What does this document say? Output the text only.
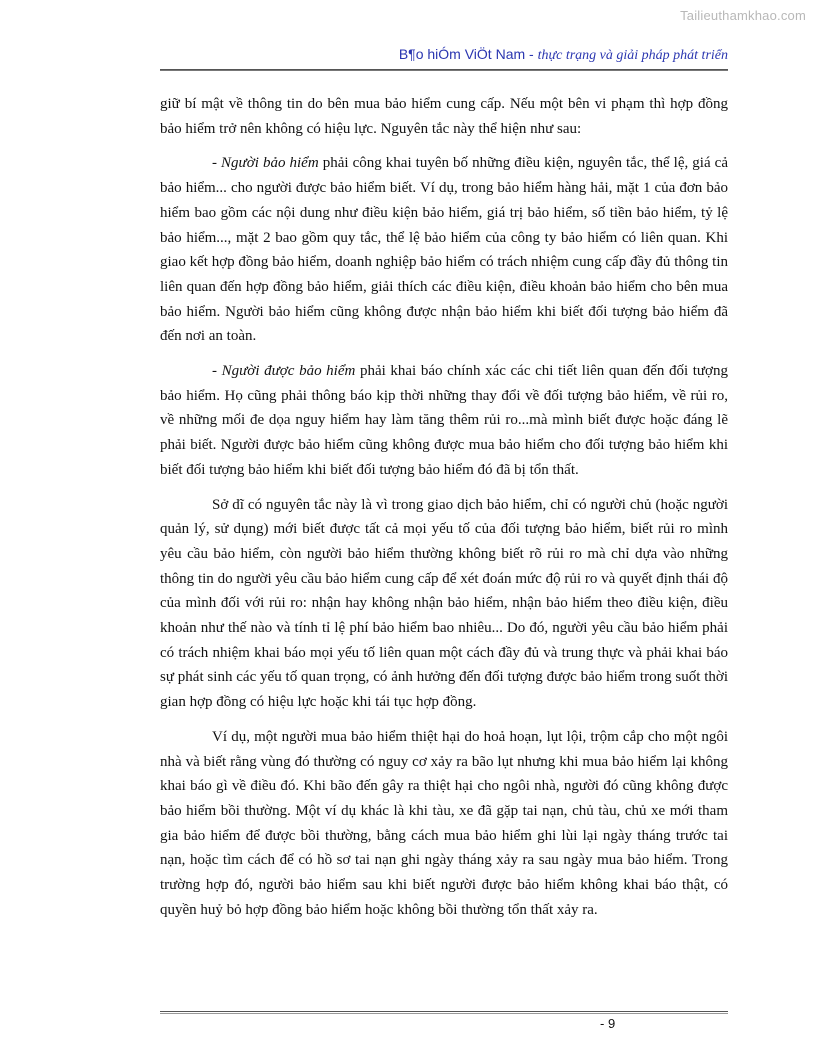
Tailieuthamkhao.com
B¶o hiÓm ViÖt Nam - thực trạng và giải pháp phát triển

giữ bí mật về thông tin do bên mua bảo hiểm cung cấp. Nếu một bên vi phạm thì hợp đồng bảo hiểm trở nên không có hiệu lực. Nguyên tắc này thể hiện như sau:

- Người bảo hiểm phải công khai tuyên bố những điều kiện, nguyên tắc, thể lệ, giá cả bảo hiểm... cho người được bảo hiểm biết. Ví dụ, trong bảo hiểm hàng hải, mặt 1 của đơn bảo hiểm bao gồm các nội dung như điều kiện bảo hiểm, giá trị bảo hiểm, số tiền bảo hiểm, tỷ lệ bảo hiểm..., mặt 2 bao gồm quy tắc, thể lệ bảo hiểm của công ty bảo hiểm có liên quan. Khi giao kết hợp đồng bảo hiểm, doanh nghiệp bảo hiểm có trách nhiệm cung cấp đầy đủ thông tin liên quan đến hợp đồng bảo hiểm, giải thích các điều kiện, điều khoản bảo hiểm cho bên mua bảo hiểm. Người bảo hiểm cũng không được nhận bảo hiểm khi biết đối tượng bảo hiểm đã đến nơi an toàn.

- Người được bảo hiểm phải khai báo chính xác các chi tiết liên quan đến đối tượng bảo hiểm. Họ cũng phải thông báo kịp thời những thay đổi về đối tượng bảo hiểm, về rủi ro, về những mối đe dọa nguy hiểm hay làm tăng thêm rủi ro...mà mình biết được hoặc đáng lẽ phải biết. Người được bảo hiểm cũng không được mua bảo hiểm cho đối tượng bảo hiểm khi biết đối tượng bảo hiểm khi biết đối tượng bảo hiểm đó đã bị tổn thất.

Sở dĩ có nguyên tắc này là vì trong giao dịch bảo hiểm, chỉ có người chủ (hoặc người quản lý, sử dụng) mới biết được tất cả mọi yếu tố của đối tượng bảo hiểm, biết rủi ro mình yêu cầu bảo hiểm, còn người bảo hiểm thường không biết rõ rủi ro mà chỉ dựa vào những thông tin do người yêu cầu bảo hiểm cung cấp để xét đoán mức độ rủi ro và quyết định thái độ của mình đối với rủi ro: nhận hay không nhận bảo hiểm, nhận bảo hiểm theo điều kiện, điều khoản như thế nào và tính tỉ lệ phí bảo hiểm bao nhiêu... Do đó, người yêu cầu bảo hiểm phải có trách nhiệm khai báo mọi yếu tố liên quan một cách đầy đủ và trung thực và phải khai báo sự phát sinh các yếu tố quan trọng, có ảnh hưởng đến đối tượng được bảo hiểm trong suốt thời gian hợp đồng có hiệu lực hoặc khi tái tục hợp đồng.

Ví dụ, một người mua bảo hiểm thiệt hại do hoả hoạn, lụt lội, trộm cắp cho một ngôi nhà và biết rằng vùng đó thường có nguy cơ xảy ra bão lụt nhưng khi mua bảo hiểm lại không khai báo gì về điều đó. Khi bão đến gây ra thiệt hại cho ngôi nhà, người đó cũng không được bảo hiểm bồi thường. Một ví dụ khác là khi tàu, xe đã gặp tai nạn, chủ tàu, chủ xe mới tham gia bảo hiểm để được bồi thường, bằng cách mua bảo hiểm ghi lùi lại ngày tháng trước tai nạn, hoặc tìm cách để có hồ sơ tai nạn ghi ngày tháng xảy ra sau ngày mua bảo hiểm. Trong trường hợp đó, người bảo hiểm sau khi biết người được bảo hiểm không khai báo thật, có quyền huỷ bỏ hợp đồng bảo hiểm hoặc không bồi thường tổn thất xảy ra.

- 9
